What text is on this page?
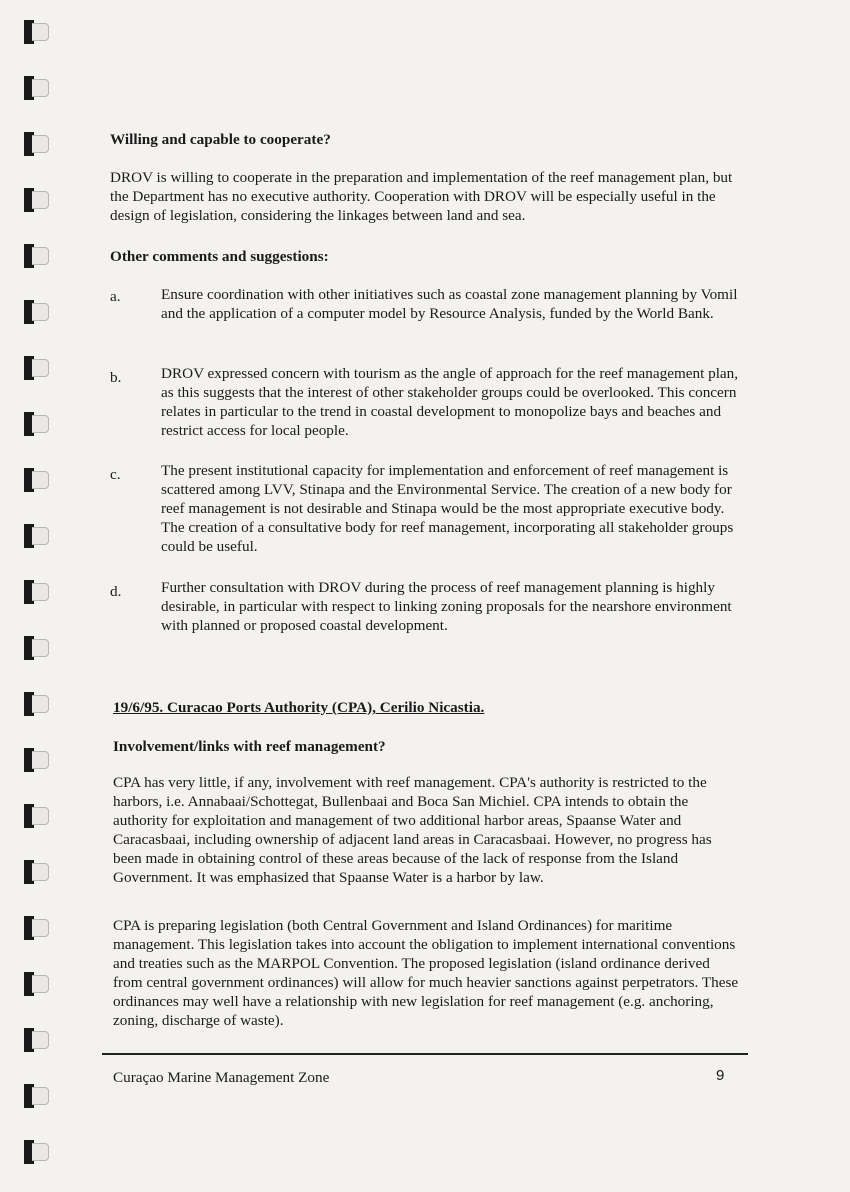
Willing and capable to cooperate?
DROV is willing to cooperate in the preparation and implementation of the reef management plan, but the Department has no executive authority. Cooperation with DROV will be especially useful in the design of legislation, considering the linkages between land and sea.
Other comments and suggestions:
a.	Ensure coordination with other initiatives such as coastal zone management planning by Vomil and the application of a computer model by Resource Analysis, funded by the World Bank.
b.	DROV expressed concern with tourism as the angle of approach for the reef management plan, as this suggests that the interest of other stakeholder groups could be overlooked. This concern relates in particular to the trend in coastal development to monopolize bays and beaches and restrict access for local people.
c.	The present institutional capacity for implementation and enforcement of reef management is scattered among LVV, Stinapa and the Environmental Service. The creation of a new body for reef management is not desirable and Stinapa would be the most appropriate executive body. The creation of a consultative body for reef management, incorporating all stakeholder groups could be useful.
d.	Further consultation with DROV during the process of reef management planning is highly desirable, in particular with respect to linking zoning proposals for the nearshore environment with planned or proposed coastal development.
19/6/95. Curacao Ports Authority (CPA), Cerilio Nicastia.
Involvement/links with reef management?
CPA has very little, if any, involvement with reef management. CPA's authority is restricted to the harbors, i.e. Annabaai/Schottegat, Bullenbaai and Boca San Michiel. CPA intends to obtain the authority for exploitation and management of two additional harbor areas, Spaanse Water and Caracasbaai, including ownership of adjacent land areas in Caracasbaai. However, no progress has been made in obtaining control of these areas because of the lack of response from the Island Government. It was emphasized that Spaanse Water is a harbor by law.
CPA is preparing legislation (both Central Government and Island Ordinances) for maritime management. This legislation takes into account the obligation to implement international conventions and treaties such as the MARPOL Convention. The proposed legislation (island ordinance derived from central government ordinances) will allow for much heavier sanctions against perpetrators. These ordinances may well have a relationship with new legislation for reef management (e.g. anchoring, zoning, discharge of waste).
Curaçao Marine Management Zone	9
